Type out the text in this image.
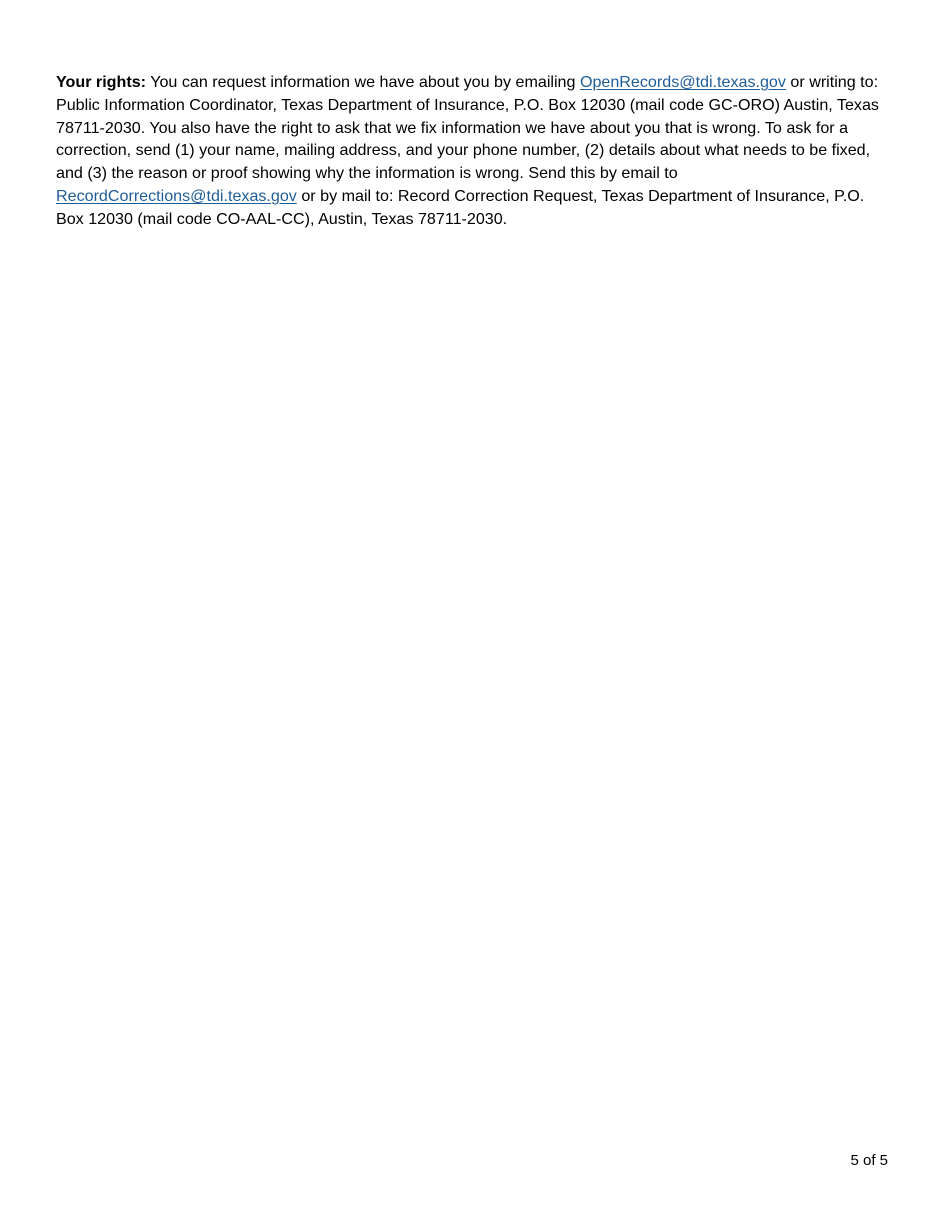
Your rights: You can request information we have about you by emailing OpenRecords@tdi.texas.gov or writing to: Public Information Coordinator, Texas Department of Insurance, P.O. Box 12030 (mail code GC-ORO) Austin, Texas 78711-2030. You also have the right to ask that we fix information we have about you that is wrong. To ask for a correction, send (1) your name, mailing address, and your phone number, (2) details about what needs to be fixed, and (3) the reason or proof showing why the information is wrong. Send this by email to RecordCorrections@tdi.texas.gov or by mail to: Record Correction Request, Texas Department of Insurance, P.O. Box 12030 (mail code CO-AAL-CC), Austin, Texas 78711-2030.

5 of 5
